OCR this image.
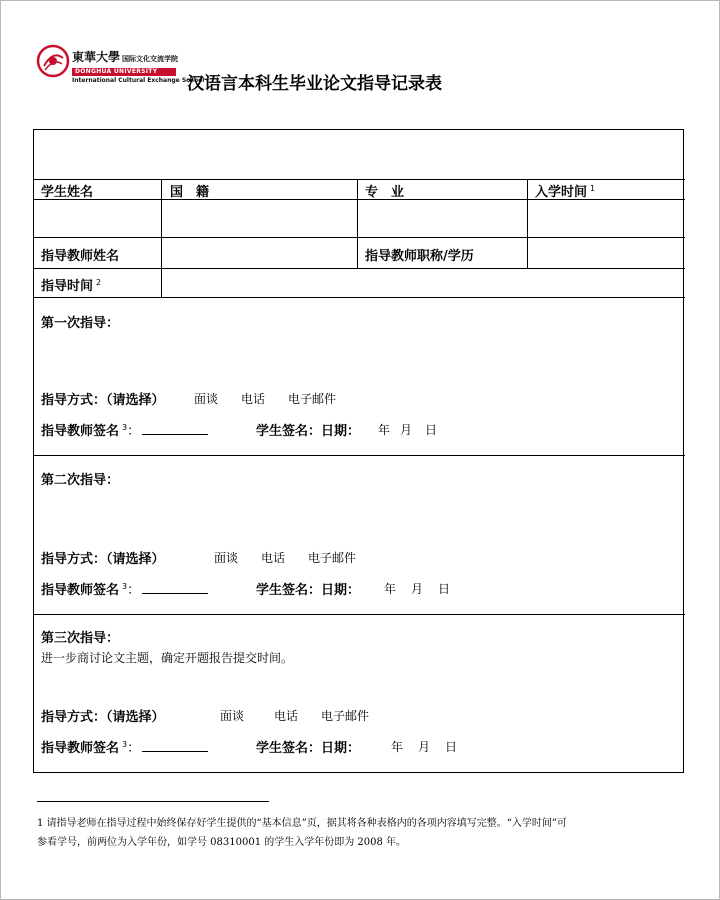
東華大學 国际文化交流学院
DONGHUA UNIVERSITY
International Cultural Exchange School
汉语言本科生毕业论文指导记录表
学生姓名	国　籍	专　业	入学时间 $^1$
指导教师姓名	指导教师职称/学历
指导时间 $^2$
第一次指导：
指导方式：（请选择） 面谈 电话 电子邮件
指导教师签名 $^3$：	学生签名：日期： 年 月 日
第二次指导：
指导方式：（请选择）	面谈 电话 电子邮件
指导教师签名 $^3$：	学生签名：日期： 年 月 日
第三次指导：
进一步商讨论文主题，确定开题报告提交时间。
指导方式：（请选择）	面谈 电话 电子邮件
指导教师签名 $^3$：	学生签名：日期：	年 月 日
1 请指导老师在指导过程中始终保存好学生提供的“基本信息”页，据其将各种表格内的各项内容填写完整。“入学时间”可
参看学号，前两位为入学年份，如学号 08310001 的学生入学年份即为 2008 年。
